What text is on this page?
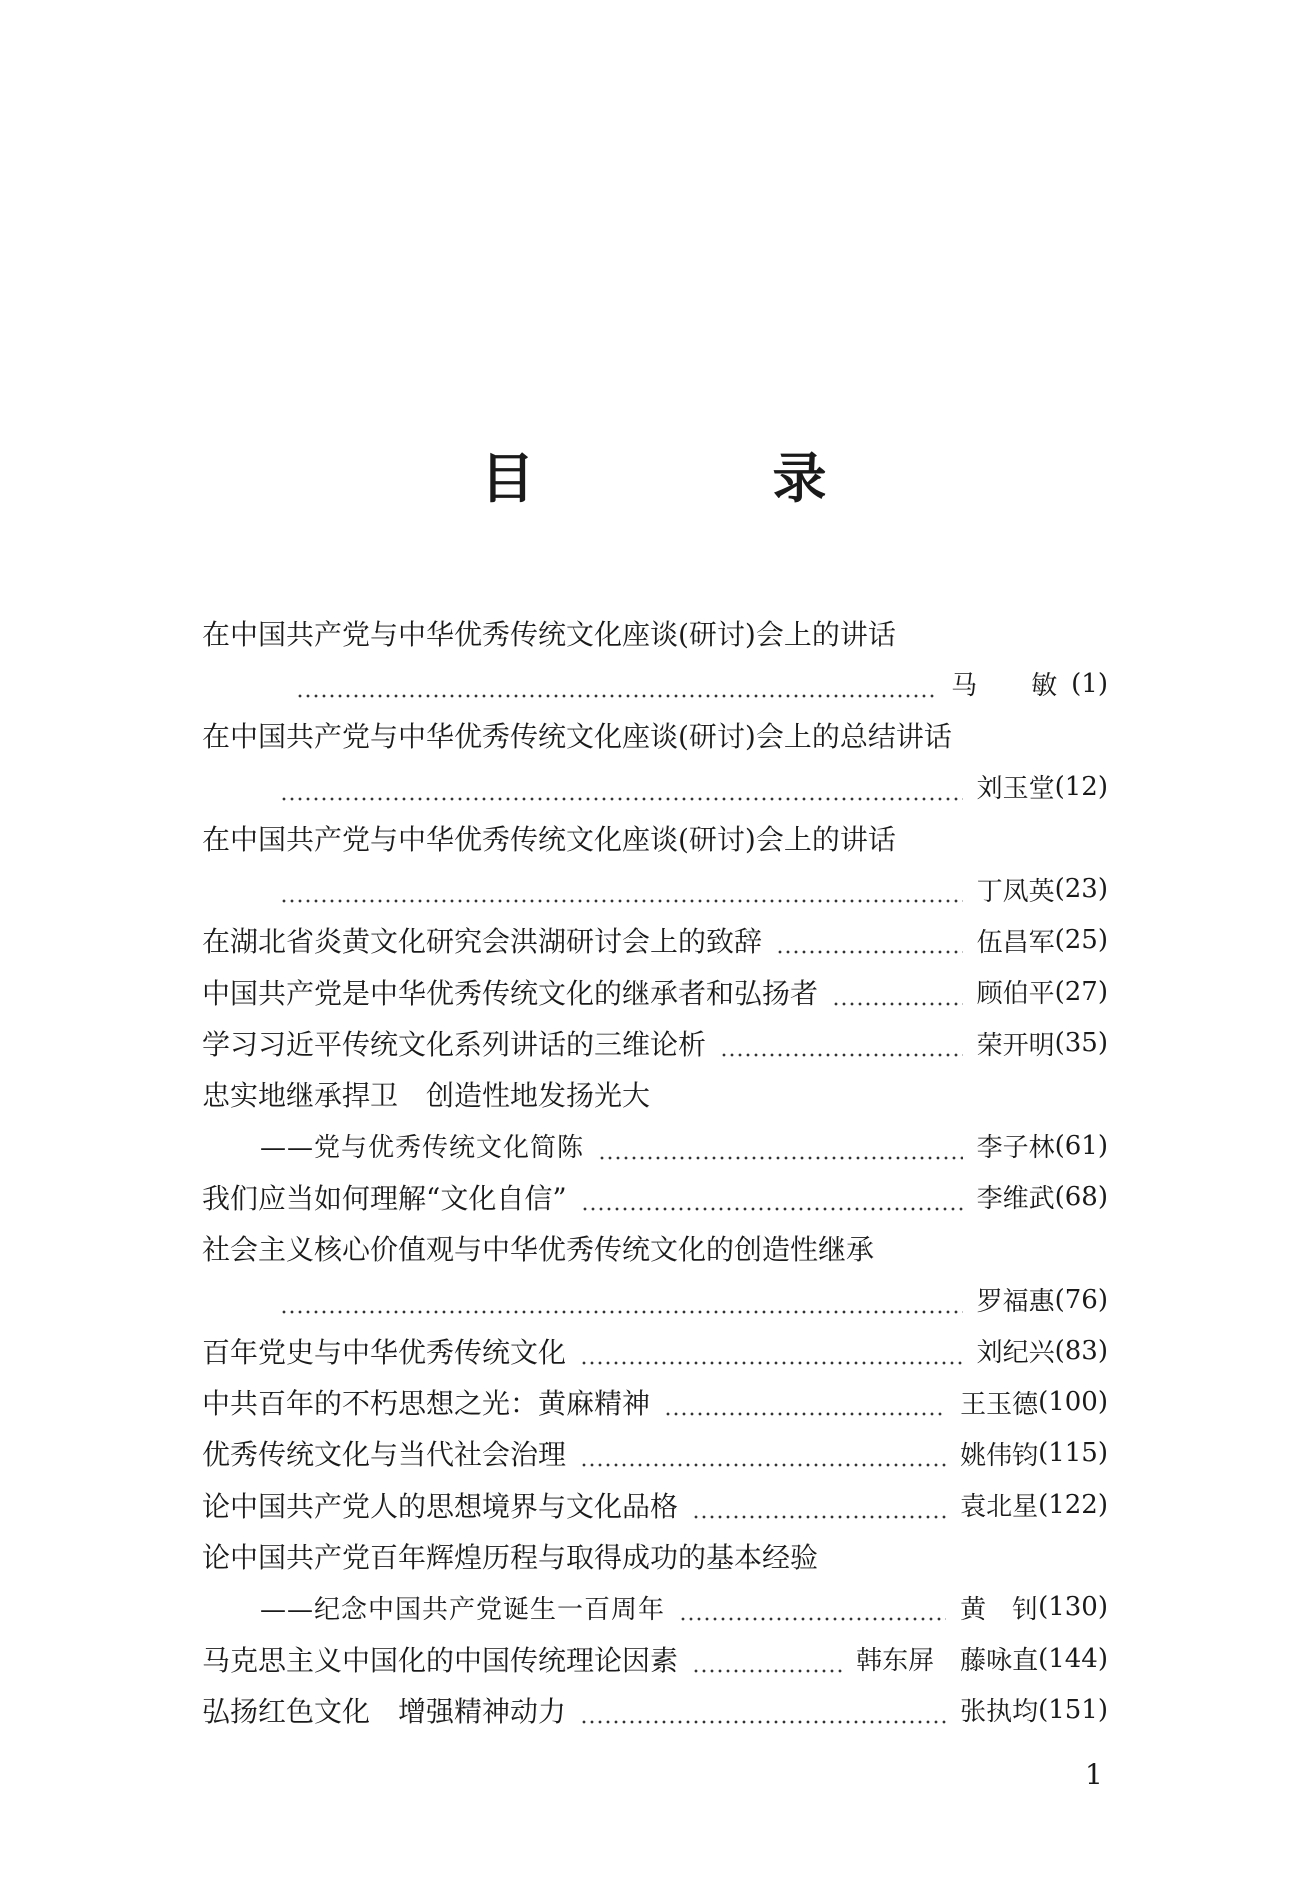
目　录
在中国共产党与中华优秀传统文化座谈(研讨)会上的讲话
马　敏 (1)
在中国共产党与中华优秀传统文化座谈(研讨)会上的总结讲话
刘玉堂 (12)
在中国共产党与中华优秀传统文化座谈(研讨)会上的讲话
丁凤英 (23)
在湖北省炎黄文化研究会洪湖研讨会上的致辞	伍昌军 (25)
中国共产党是中华优秀传统文化的继承者和弘扬者	顾伯平 (27)
学习习近平传统文化系列讲话的三维论析	荣开明 (35)
忠实地继承捍卫　创造性地发扬光大
——党与优秀传统文化简陈	李子林 (61)
我们应当如何理解“文化自信”	李维武 (68)
社会主义核心价值观与中华优秀传统文化的创造性继承
罗福惠 (76)
百年党史与中华优秀传统文化	刘纪兴 (83)
中共百年的不朽思想之光：黄麻精神	王玉德 (100)
优秀传统文化与当代社会治理	姚伟钧 (115)
论中国共产党人的思想境界与文化品格	袁北星 (122)
论中国共产党百年辉煌历程与取得成功的基本经验
——纪念中国共产党诞生一百周年	黄　钊 (130)
马克思主义中国化的中国传统理论因素	韩东屏　藤咏直 (144)
弘扬红色文化　增强精神动力	张执均 (151)
1
